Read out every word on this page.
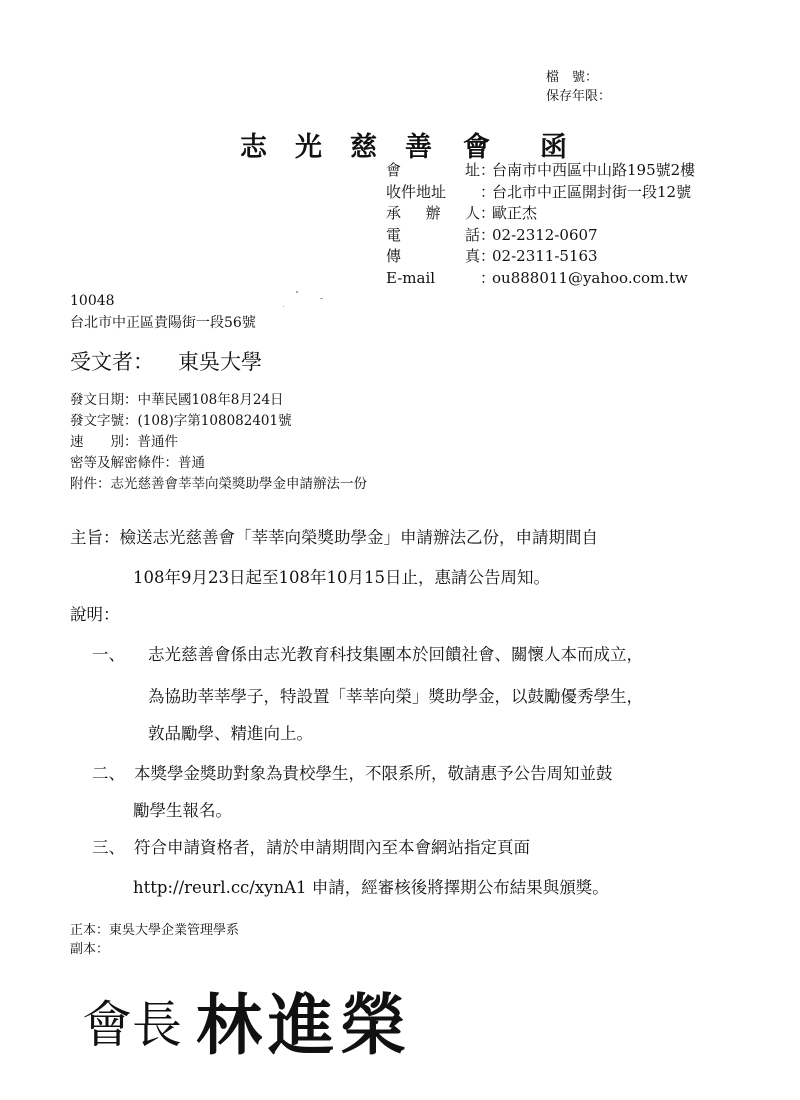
檔　號：
保存年限：
志 光 慈 善 會 函
會	址 ：
台南市中西區中山路195號2樓
收件地址	：
台北市中正區開封街一段12號
承 辦 人 ：
歐正杰
電	話 ：
02-2312-0607
傳	真 ：
02-2311-5163
E-mail	：
ou888011@yahoo.com.tw
10048
台北市中正區貴陽街一段56號
受文者： 東吳大學
發文日期：中華民國108年8月24日
發文字號：(108)字第108082401號
速　　別：普通件
密等及解密條件：普通
附件：志光慈善會莘莘向榮獎助學金申請辦法一份
主旨：檢送志光慈善會「莘莘向榮獎助學金」申請辦法乙份，申請期間自
108年9月23日起至108年10月15日止，惠請公告周知。
說明：
一、 志光慈善會係由志光教育科技集團本於回饋社會、關懷人本而成立，
為協助莘莘學子，特設置「莘莘向榮」獎助學金，以鼓勵優秀學生，
敦品勵學、精進向上。
二、 本獎學金獎助對象為貴校學生，不限系所，敬請惠予公告周知並鼓
勵學生報名。
三、 符合申請資格者，請於申請期間內至本會網站指定頁面
http://reurl.cc/xynA1 申請，經審核後將擇期公布結果與頒獎。
正本：東吳大學企業管理學系
副本：
會長 林進榮
